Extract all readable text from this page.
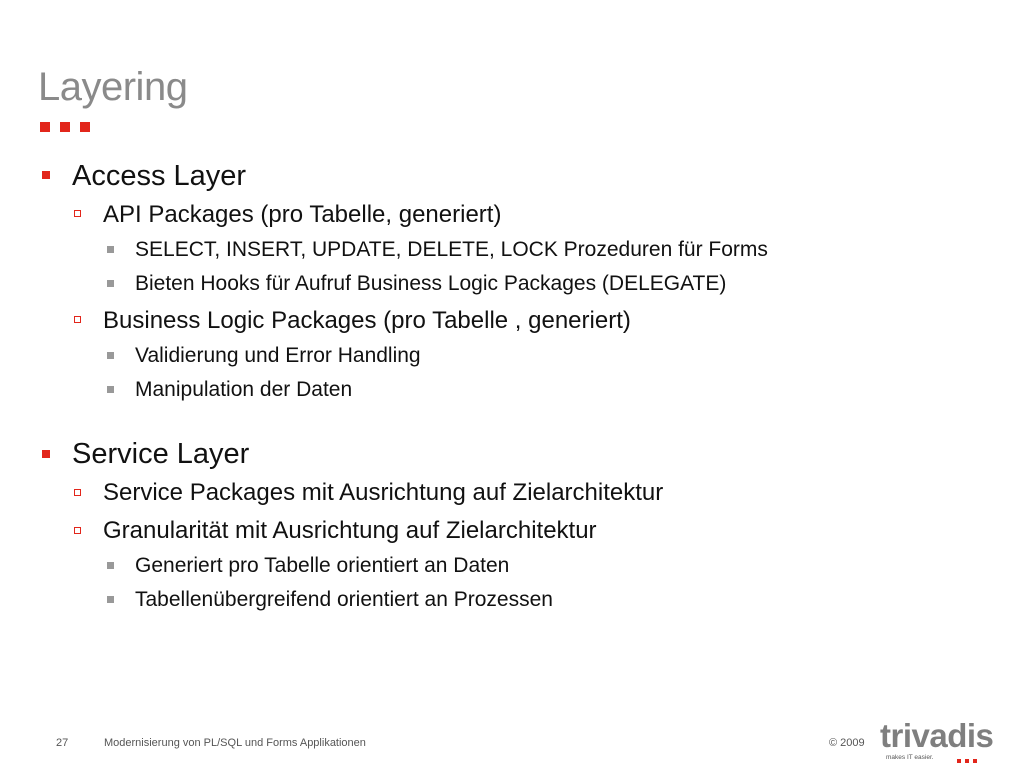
Layering
Access Layer
API Packages (pro Tabelle, generiert)
SELECT, INSERT, UPDATE, DELETE, LOCK Prozeduren für Forms
Bieten Hooks für Aufruf Business Logic Packages (DELEGATE)
Business Logic Packages (pro Tabelle , generiert)
Validierung und Error Handling
Manipulation der Daten
Service Layer
Service Packages mit Ausrichtung auf Zielarchitektur
Granularität mit Ausrichtung auf Zielarchitektur
Generiert pro Tabelle orientiert an Daten
Tabellenübergreifend orientiert an Prozessen
27	Modernisierung von PL/SQL und Forms Applikationen	© 2009 trivadis
makes IT easier.
